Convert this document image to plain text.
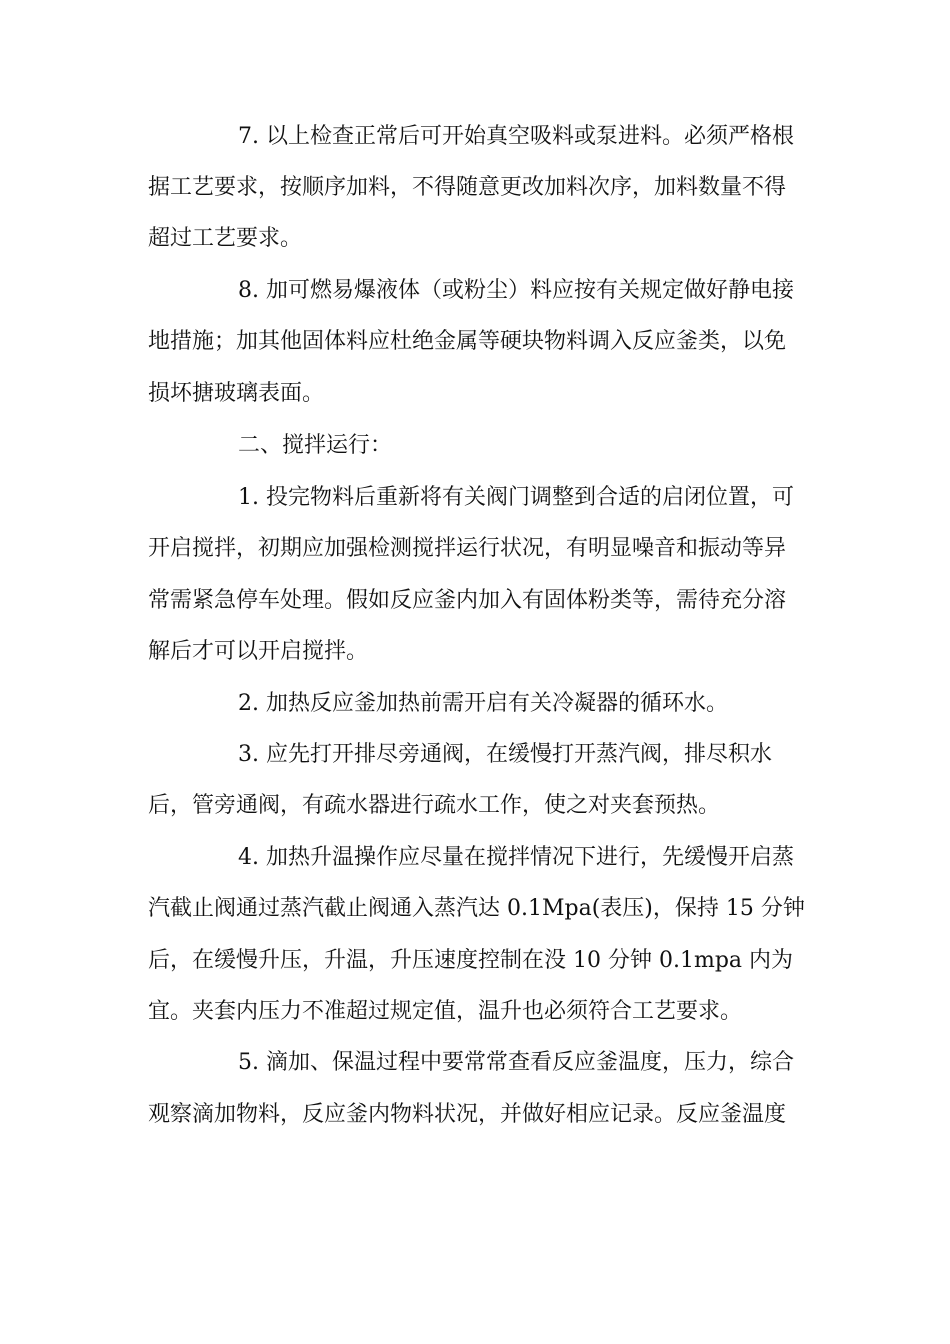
7. 以上检查正常后可开始真空吸料或泵进料。必须严格根
据工艺要求，按顺序加料，不得随意更改加料次序，加料数量不得
超过工艺要求。
8. 加可燃易爆液体（或粉尘）料应按有关规定做好静电接
地措施；加其他固体料应杜绝金属等硬块物料调入反应釜类，以免
损坏搪玻璃表面。
二、搅拌运行：
1. 投完物料后重新将有关阀门调整到合适的启闭位置，可
开启搅拌，初期应加强检测搅拌运行状况，有明显噪音和振动等异
常需紧急停车处理。假如反应釜内加入有固体粉类等，需待充分溶
解后才可以开启搅拌。
2. 加热反应釜加热前需开启有关冷凝器的循环水。
3. 应先打开排尽旁通阀，在缓慢打开蒸汽阀，排尽积水
后，管旁通阀，有疏水器进行疏水工作，使之对夹套预热。
4. 加热升温操作应尽量在搅拌情况下进行，先缓慢开启蒸
汽截止阀通过蒸汽截止阀通入蒸汽达 0.1Mpa(表压)，保持 15 分钟
后，在缓慢升压，升温，升压速度控制在没 10 分钟 0.1mpa 内为
宜。夹套内压力不准超过规定值，温升也必须符合工艺要求。
5. 滴加、保温过程中要常常查看反应釜温度，压力，综合
观察滴加物料，反应釜内物料状况，并做好相应记录。反应釜温度
